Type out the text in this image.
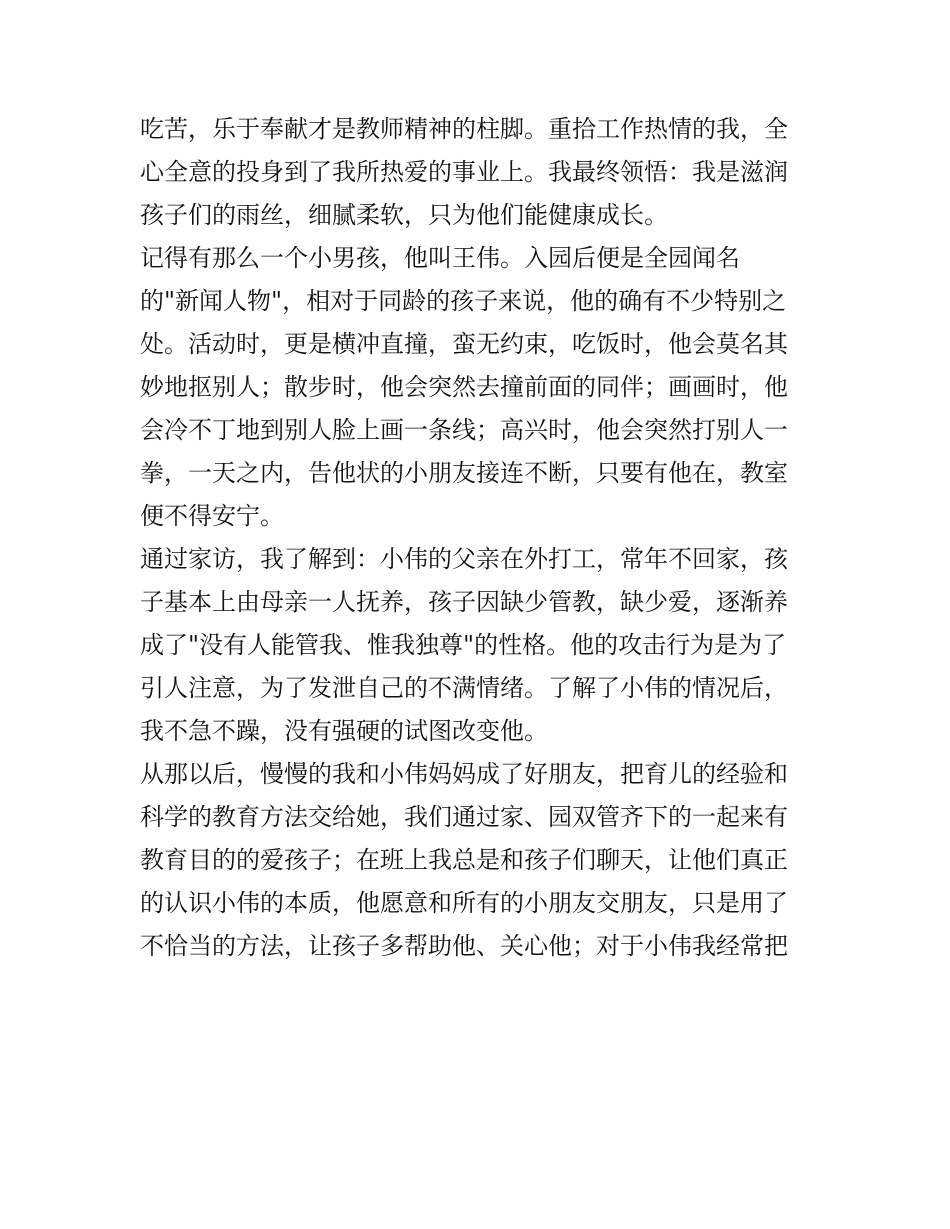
吃苦，乐于奉献才是教师精神的柱脚。重拾工作热情的我，全
心全意的投身到了我所热爱的事业上。我最终领悟：我是滋润
孩子们的雨丝，细腻柔软，只为他们能健康成长。
记得有那么一个小男孩，他叫王伟。入园后便是全园闻名
的"新闻人物"，相对于同龄的孩子来说，他的确有不少特别之
处。活动时，更是横冲直撞，蛮无约束，吃饭时，他会莫名其
妙地抠别人；散步时，他会突然去撞前面的同伴；画画时，他
会冷不丁地到别人脸上画一条线；高兴时，他会突然打别人一
拳，一天之内，告他状的小朋友接连不断，只要有他在，教室
便不得安宁。
通过家访，我了解到：小伟的父亲在外打工，常年不回家，孩
子基本上由母亲一人抚养，孩子因缺少管教，缺少爱，逐渐养
成了"没有人能管我、惟我独尊"的性格。他的攻击行为是为了
引人注意，为了发泄自己的不满情绪。了解了小伟的情况后，
我不急不躁，没有强硬的试图改变他。
从那以后，慢慢的我和小伟妈妈成了好朋友，把育儿的经验和
科学的教育方法交给她，我们通过家、园双管齐下的一起来有
教育目的的爱孩子；在班上我总是和孩子们聊天，让他们真正
的认识小伟的本质，他愿意和所有的小朋友交朋友，只是用了
不恰当的方法，让孩子多帮助他、关心他；对于小伟我经常把
